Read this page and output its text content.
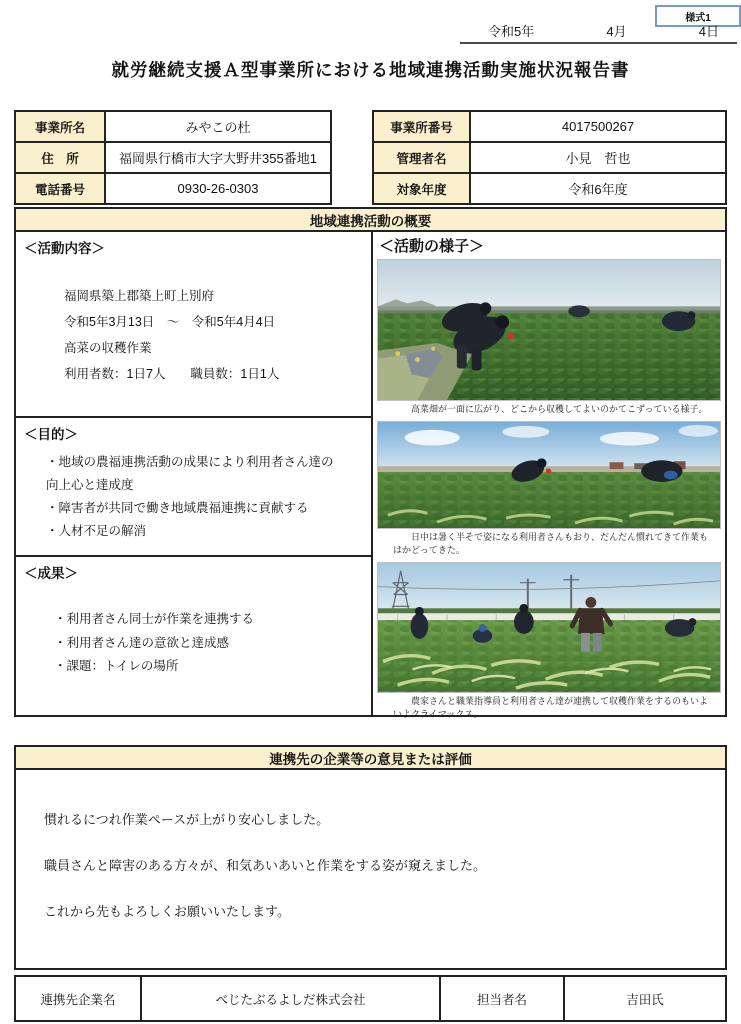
様式1
令和5年	4月	4日
就労継続支援Ａ型事業所における地域連携活動実施状況報告書
事業所名	みやこの杜
住　所	福岡県行橋市大字大野井355番地1
電話番号	0930-26-0303
事業所番号	4017500267
管理者名	小見　哲也
対象年度	令和6年度
地域連携活動の概要
＜活動内容＞
福岡県築上郡築上町上別府
令和5年3月13日　～　令和5年4月4日
高菜の収穫作業
利用者数：1日7人　　職員数：1日1人
＜目的＞
・地域の農福連携活動の成果により利用者さん達の
向上心と達成度
・障害者が共同で働き地域農福連携に貢献する
・人材不足の解消
＜成果＞
・利用者さん同士が作業を連携する
・利用者さん達の意欲と達成感
・課題：トイレの場所
＜活動の様子＞
高菜畑が一面に広がり、どこから収穫してよいのかてこずっている様子。
日中は暑く半そで姿になる利用者さんもおり、だんだん慣れてきて作業もはかどってきた。
農家さんと職業指導員と利用者さん達が連携して収穫作業をするのもいよいよクライマックス。
連携先の企業等の意見または評価

慣れるにつれ作業ペースが上がり安心しました。

職員さんと障害のある方々が、和気あいあいと作業をする姿が窺えました。

これから先もよろしくお願いいたします。

連携先企業名	べじたぶるよしだ株式会社	担当者名	吉田氏
